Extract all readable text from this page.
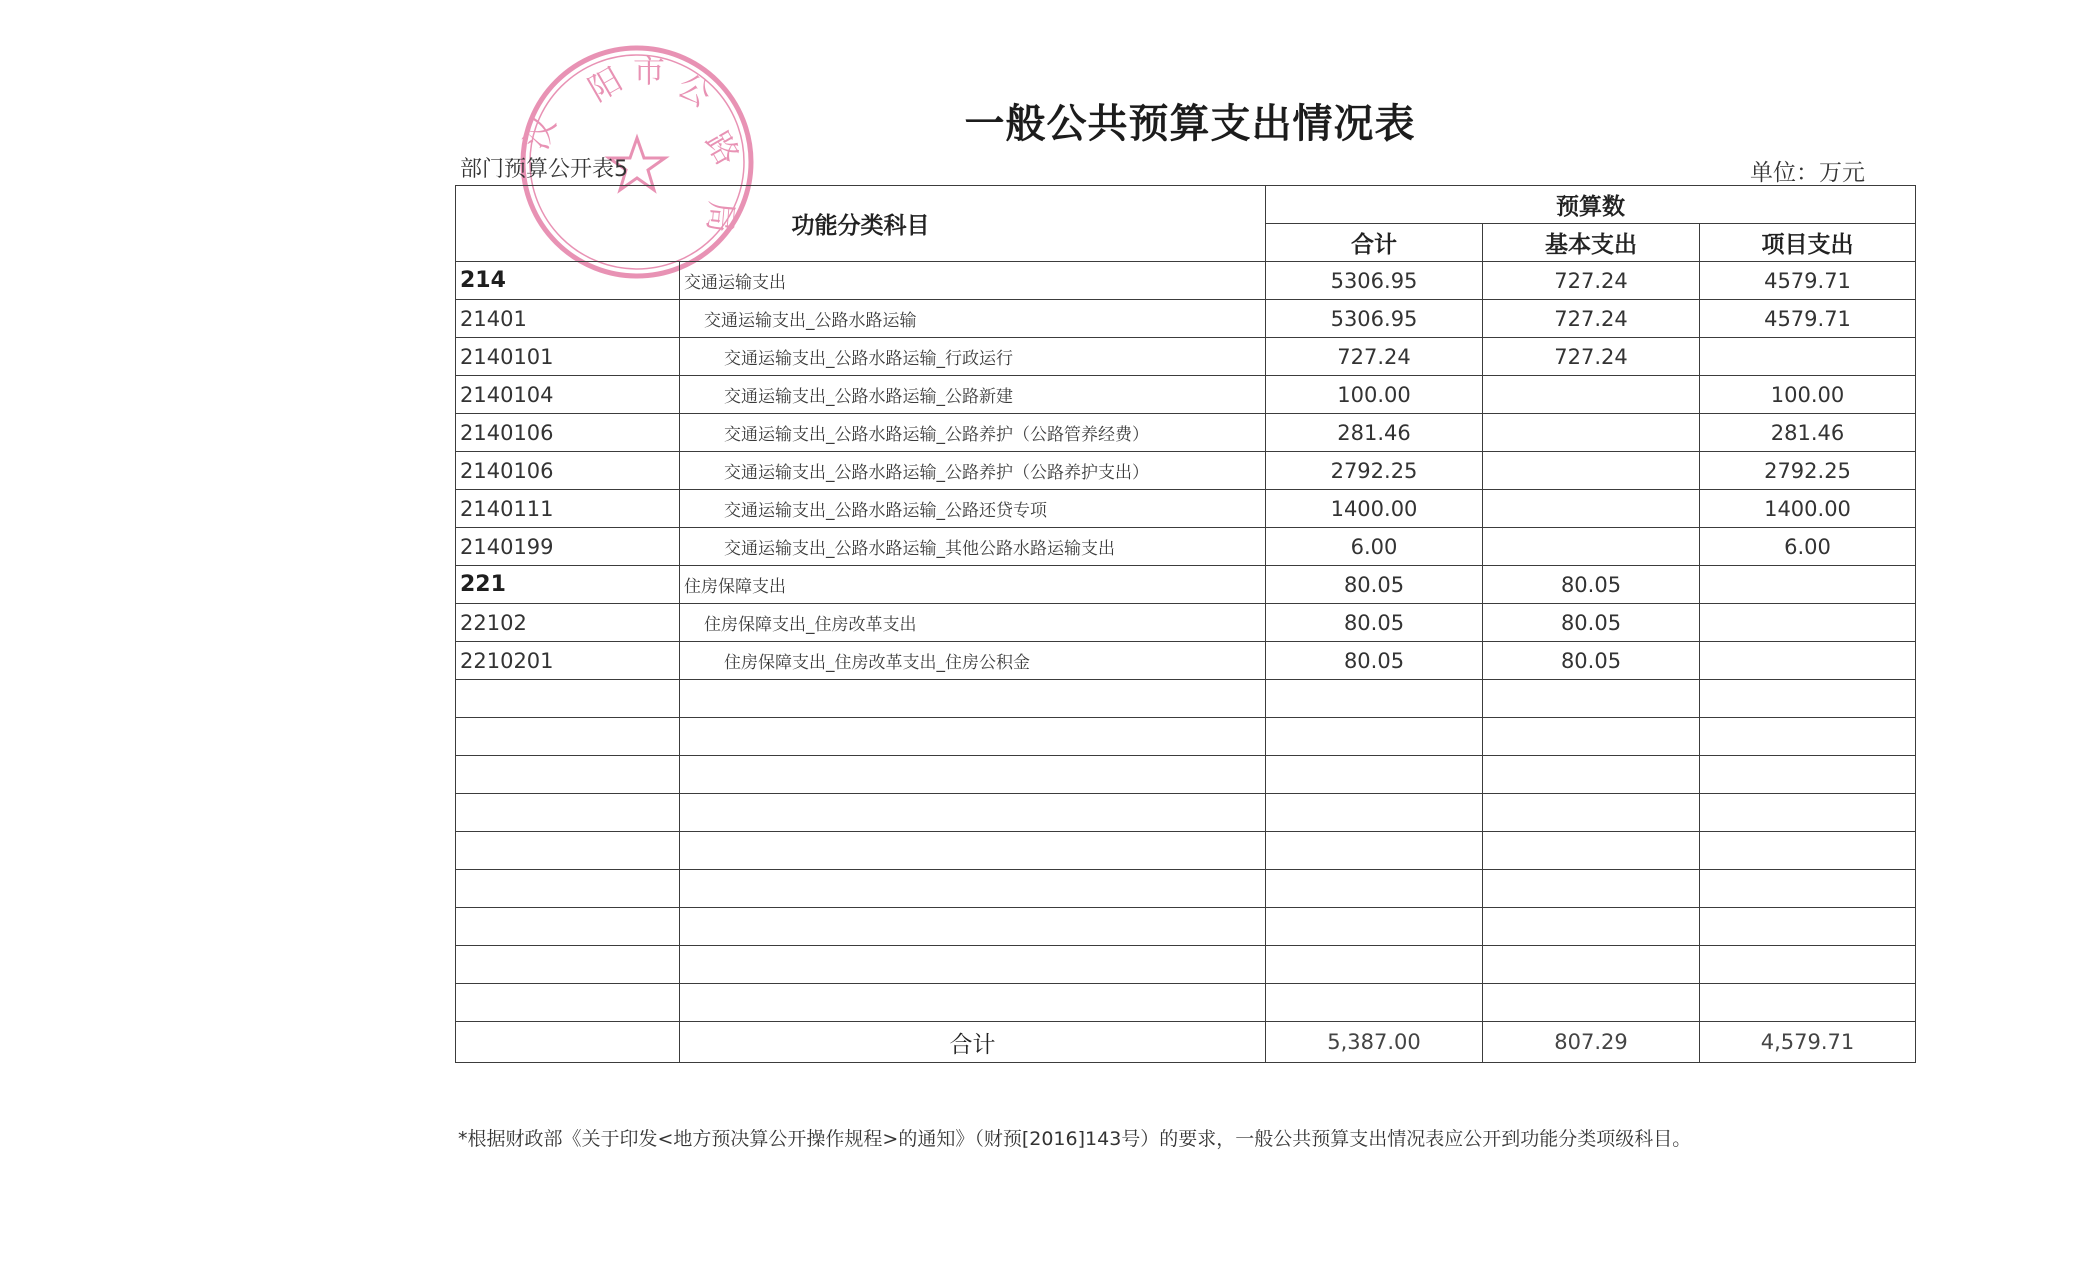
一般公共预算支出情况表
阳 市 公
路
局
汉
部门预算公开表5	单位：万元
功能分类科目		预算数		
		合计	基本支出	项目支出
214	交通运输支出	5306.95	727.24	4579.71
21401	交通运输支出_公路水路运输	5306.95	727.24	4579.71
2140101	交通运输支出_公路水路运输_行政运行	727.24	727.24	
2140104	交通运输支出_公路水路运输_公路新建	100.00		100.00
2140106	交通运输支出_公路水路运输_公路养护（公路管养经费）	281.46		281.46
2140106	交通运输支出_公路水路运输_公路养护（公路养护支出）	2792.25		2792.25
2140111	交通运输支出_公路水路运输_公路还贷专项	1400.00		1400.00
2140199	交通运输支出_公路水路运输_其他公路水路运输支出	6.00		6.00
221	住房保障支出	80.05	80.05	
22102	住房保障支出_住房改革支出	80.05	80.05	
2210201	住房保障支出_住房改革支出_住房公积金	80.05	80.05	

	合计	5,387.00	807.29	4,579.71
*根据财政部《关于印发<地方预决算公开操作规程>的通知》（财预[2016]143号）的要求，一般公共预算支出情况表应公开到功能分类项级科目。
